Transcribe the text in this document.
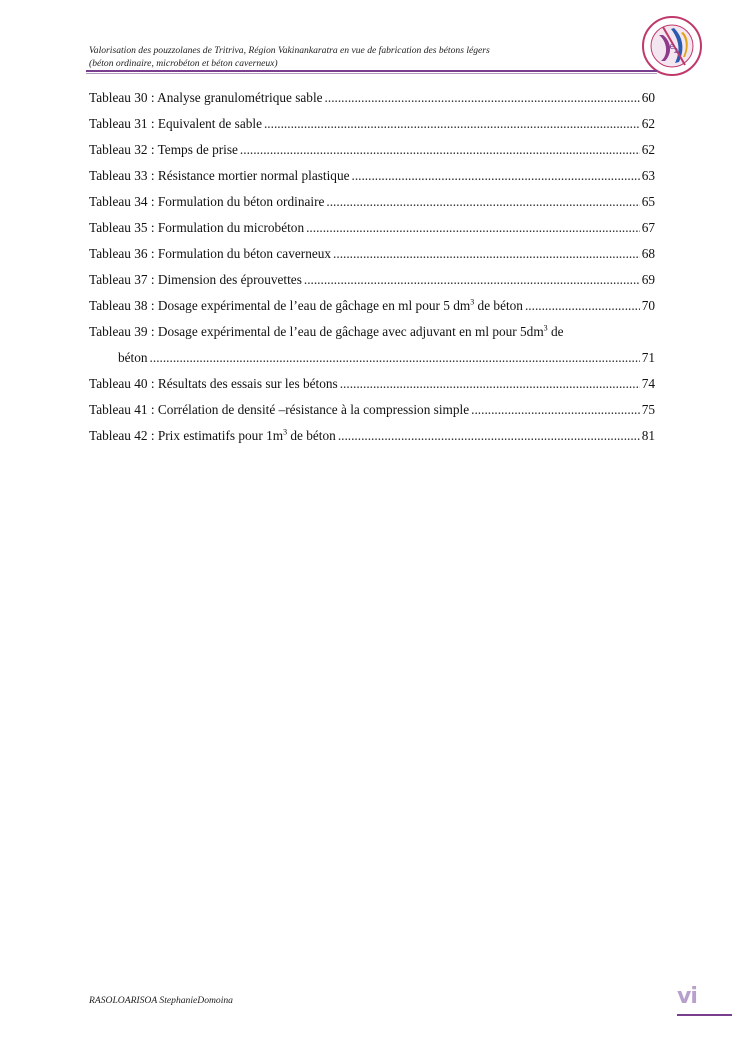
Valorisation des pouzzolanes de Tritriva, Région Vakinankaratra en vue de fabrication des bétons légers
(béton ordinaire, microbéton et béton caverneux)
e
2
Tableau 30 : Analyse granulométrique sable .....	60
Tableau 31 : Equivalent de sable .....	62
Tableau 32 : Temps de prise .....	62
Tableau 33 : Résistance mortier normal plastique .....	63
Tableau 34 : Formulation du béton ordinaire .....	65
Tableau 35 : Formulation du microbéton .....	67
Tableau 36 : Formulation du béton caverneux .....	68
Tableau 37 : Dimension des éprouvettes .....	69
Tableau 38 : Dosage expérimental de l’eau de gâchage en ml pour 5 $dm^3$ de béton .....	70
Tableau 39 : Dosage expérimental de l’eau de gâchage avec adjuvant en ml pour $5dm^3$ de
béton .....	71
Tableau 40 : Résultats des essais sur les bétons .....	74
Tableau 41 : Corrélation de densité –résistance à la compression simple .....	75
Tableau 42 : Prix estimatifs pour $1m^3$ de béton .....	81
RASOLOARISOA StephanieDomoina	vi
